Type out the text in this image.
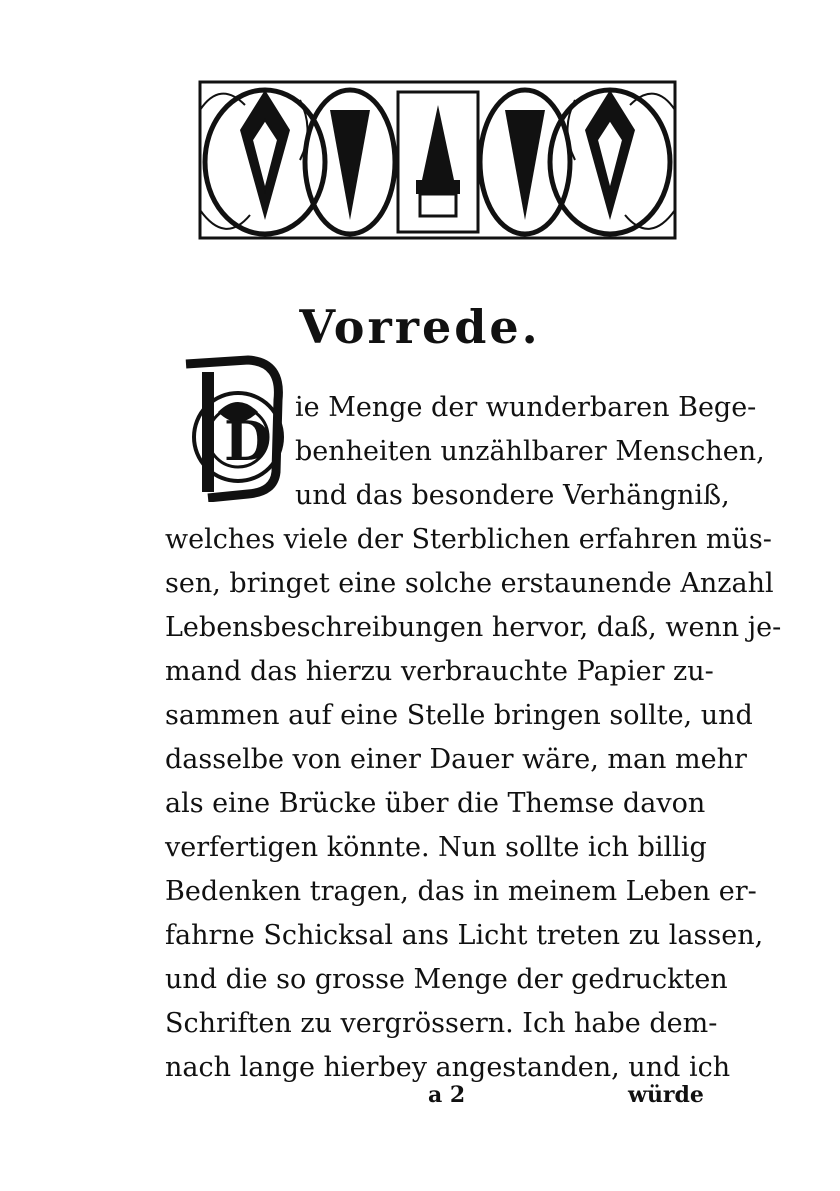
Vorrede.
D
ie Menge der wunderbaren Bege-
benheiten unzählbarer Menschen,
und das besondere Verhängniß,
welches viele der Sterblichen erfahren müs-
sen, bringet eine solche erstaunende Anzahl
Lebensbeschreibungen hervor, daß, wenn je-
mand das hierzu verbrauchte Papier zu-
sammen auf eine Stelle bringen sollte, und
dasselbe von einer Dauer wäre, man mehr
als eine Brücke über die Themse davon
verfertigen könnte. Nun sollte ich billig
Bedenken tragen, das in meinem Leben er-
fahrne Schicksal ans Licht treten zu lassen,
und die so grosse Menge der gedruckten
Schriften zu vergrössern. Ich habe dem-
nach lange hierbey angestanden, und ich
a 2	würde
